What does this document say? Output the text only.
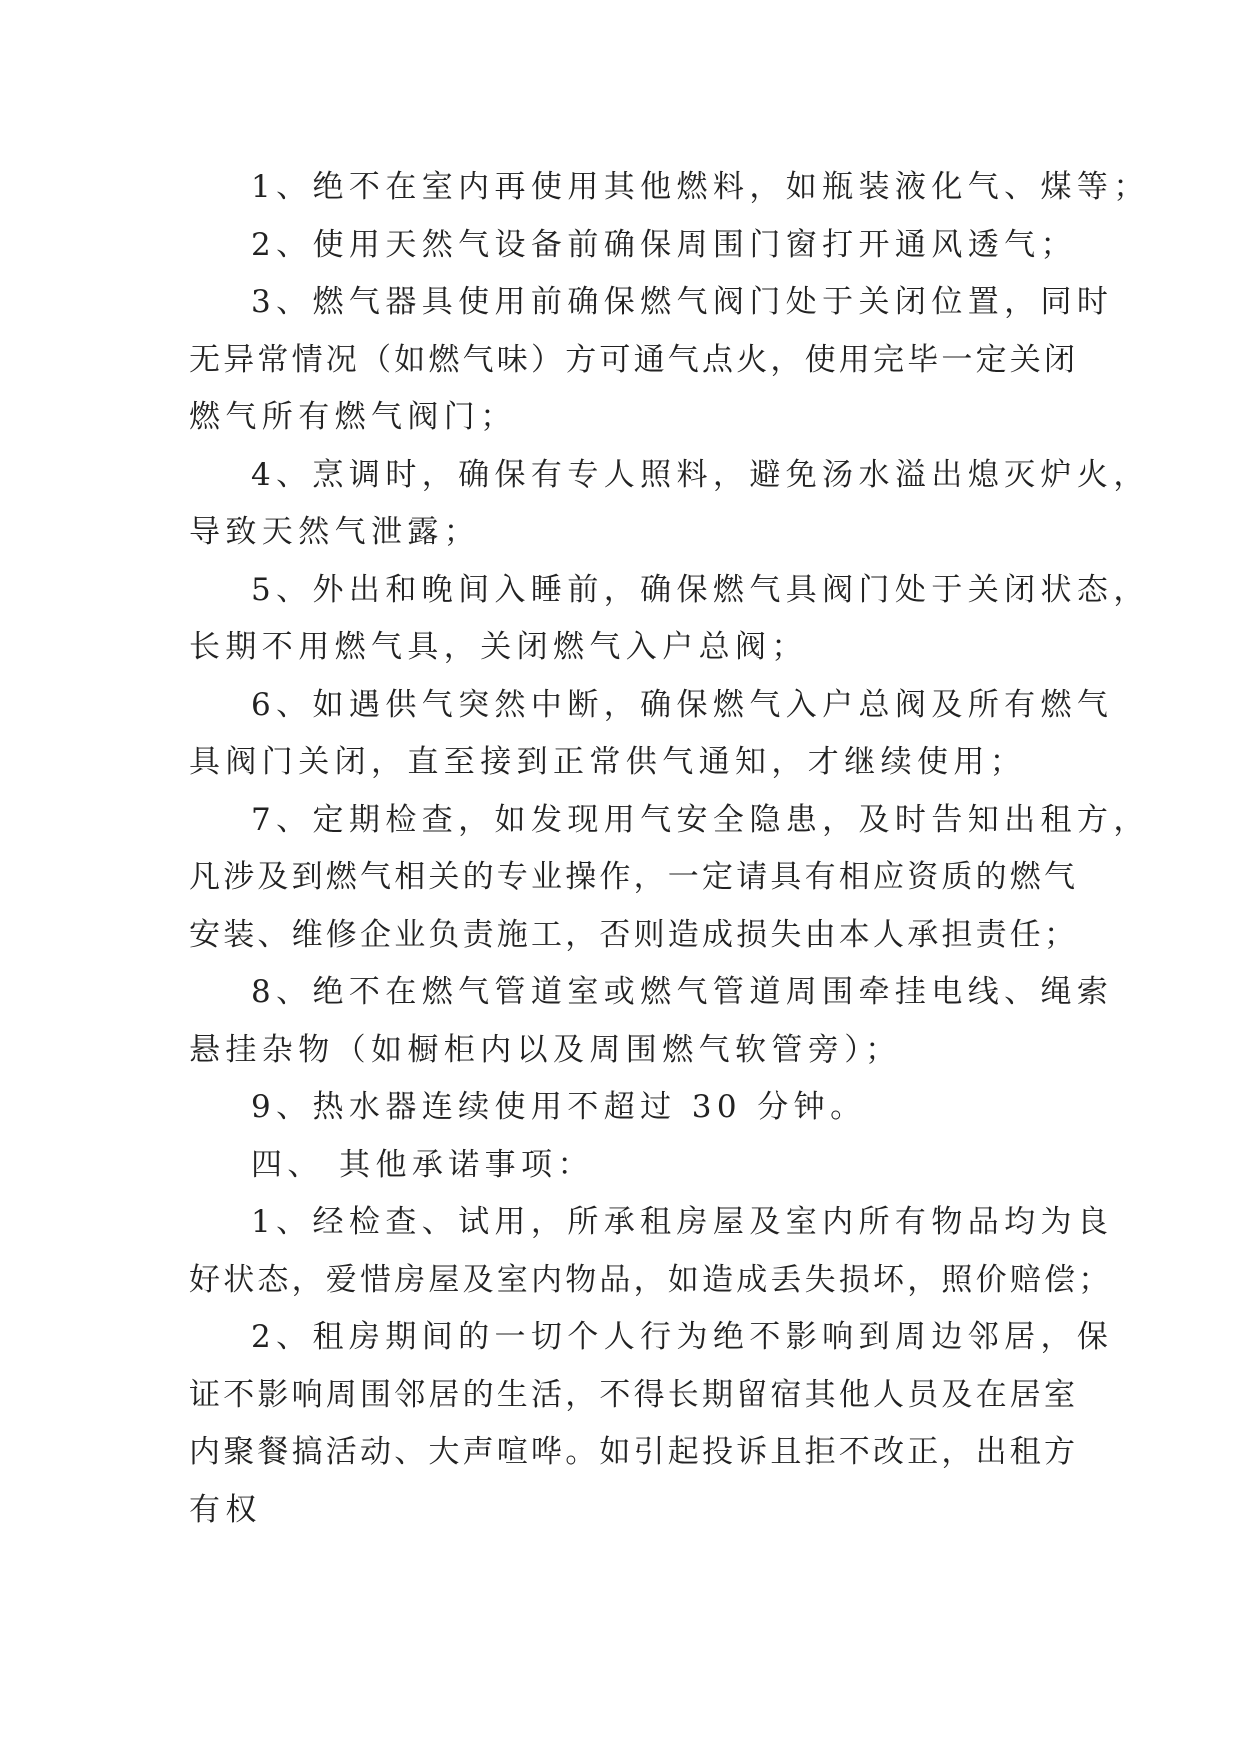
1、绝不在室内再使用其他燃料，如瓶装液化气、煤等；
2、使用天然气设备前确保周围门窗打开通风透气；
3、燃气器具使用前确保燃气阀门处于关闭位置，同时
无异常情况（如燃气味）方可通气点火，使用完毕一定关闭
燃气所有燃气阀门；
4、烹调时，确保有专人照料，避免汤水溢出熄灭炉火，
导致天然气泄露；
5、外出和晚间入睡前，确保燃气具阀门处于关闭状态，
长期不用燃气具，关闭燃气入户总阀；
6、如遇供气突然中断，确保燃气入户总阀及所有燃气
具阀门关闭，直至接到正常供气通知，才继续使用；
7、定期检查，如发现用气安全隐患，及时告知出租方，
凡涉及到燃气相关的专业操作，一定请具有相应资质的燃气
安装、维修企业负责施工，否则造成损失由本人承担责任；
8、绝不在燃气管道室或燃气管道周围牵挂电线、绳索
悬挂杂物（如橱柜内以及周围燃气软管旁）；
9、热水器连续使用不超过 30 分钟。
四、 其他承诺事项：
1、经检查、试用，所承租房屋及室内所有物品均为良
好状态，爱惜房屋及室内物品，如造成丢失损坏，照价赔偿；
2、租房期间的一切个人行为绝不影响到周边邻居，保
证不影响周围邻居的生活，不得长期留宿其他人员及在居室
内聚餐搞活动、大声喧哗。如引起投诉且拒不改正，出租方
有权
